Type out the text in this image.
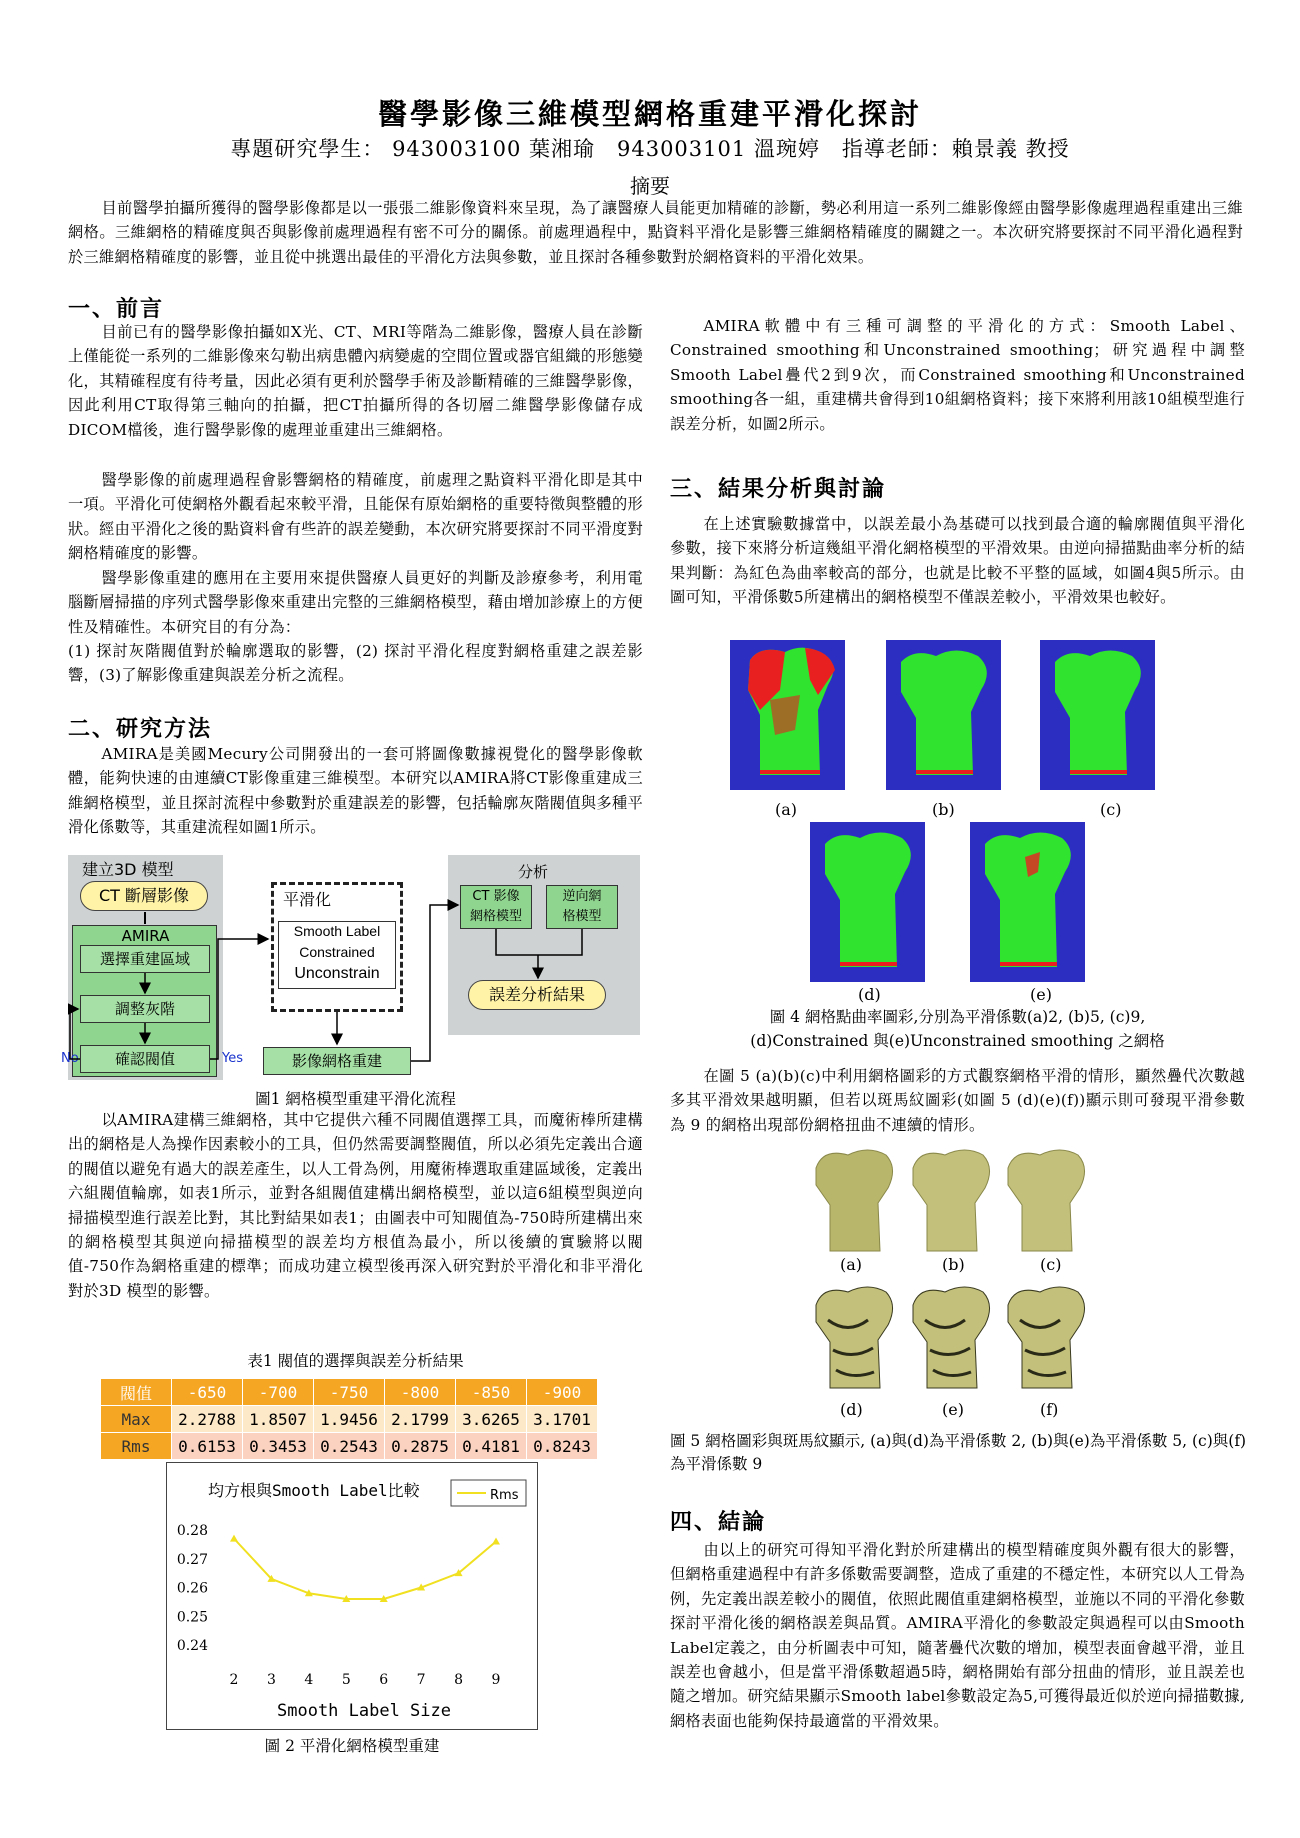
醫學影像三維模型網格重建平滑化探討
專題研究學生： 943003100 葉湘瑜　943003101 溫琬婷　指導老師：賴景義 教授
摘要

目前醫學拍攝所獲得的醫學影像都是以一張張二維影像資料來呈現，為了讓醫療人員能更加精確的診斷，勢必利用這一系列二維影像經由醫學影像處理過程重建出三維網格。三維網格的精確度與否與影像前處理過程有密不可分的關係。前處理過程中，點資料平滑化是影響三維網格精確度的關鍵之一。本次研究將要探討不同平滑化過程對於三維網格精確度的影響，並且從中挑選出最佳的平滑化方法與參數，並且探討各種參數對於網格資料的平滑化效果。

一、前言

目前已有的醫學影像拍攝如X光、CT、MRI等階為二維影像，醫療人員在診斷上僅能從一系列的二維影像來勾勒出病患體內病變處的空間位置或器官組織的形態變化，其精確程度有待考量，因此必須有更利於醫學手術及診斷精確的三維醫學影像，因此利用CT取得第三軸向的拍攝，把CT拍攝所得的各切層二維醫學影像儲存成DICOM檔後，進行醫學影像的處理並重建出三維網格。

醫學影像的前處理過程會影響網格的精確度，前處理之點資料平滑化即是其中一項。平滑化可使網格外觀看起來較平滑，且能保有原始網格的重要特徵與整體的形狀。經由平滑化之後的點資料會有些許的誤差變動，本次研究將要探討不同平滑度對網格精確度的影響。

醫學影像重建的應用在主要用來提供醫療人員更好的判斷及診療參考，利用電腦斷層掃描的序列式醫學影像來重建出完整的三維網格模型，藉由增加診療上的方便性及精確性。本研究目的有分為：

(1) 探討灰階閥值對於輪廓選取的影響，(2) 探討平滑化程度對網格重建之誤差影響，(3)了解影像重建與誤差分析之流程。

二、研究方法

AMIRA是美國Mecury公司開發出的一套可將圖像數據視覺化的醫學影像軟體，能夠快速的由連續CT影像重建三維模型。本研究以AMIRA將CT影像重建成三維網格模型，並且探討流程中參數對於重建誤差的影響，包括輪廓灰階閥值與多種平滑化係數等，其重建流程如圖1所示。

建立3D 模型
CT 斷層影像
AMIRA
選擇重建區域
調整灰階
確認閥值
No	Yes
平滑化
Smooth Label
Constrained
Unconstrain
影像網格重建
分析
CT 影像網格模型
逆向網格模型
誤差分析結果
圖1 網格模型重建平滑化流程

以AMIRA建構三維網格，其中它提供六種不同閥值選擇工具，而魔術棒所建構出的網格是人為操作因素較小的工具，但仍然需要調整閥值，所以必須先定義出合適的閥值以避免有過大的誤差產生，以人工骨為例，用魔術棒選取重建區域後，定義出六組閥值輪廓，如表1所示，並對各組閥值建構出網格模型，並以這6組模型與逆向掃描模型進行誤差比對，其比對結果如表1；由圖表中可知閥值為-750時所建構出來的網格模型其與逆向掃描模型的誤差均方根值為最小，所以後續的實驗將以閥值-750作為網格重建的標準；而成功建立模型後再深入研究對於平滑化和非平滑化對於3D 模型的影響。

表1 閥值的選擇與誤差分析結果
閥值	-650	-700	-750	-800	-850	-900
Max	2.2788	1.8507	1.9456	2.1799	3.6265	3.1701
Rms	0.6153	0.3453	0.2543	0.2875	0.4181	0.8243
均方根與Smooth Label比較	Rms
0.28
0.27
0.26
0.25
0.24
2 3 4 5 6 7 8 9
Smooth Label Size
圖 2 平滑化網格模型重建

AMIRA軟體中有三種可調整的平滑化的方式：Smooth Label、Constrained smoothing和Unconstrained smoothing；研究過程中調整Smooth Label疊代2到9次，而Constrained smoothing和Unconstrained smoothing各一組，重建構共會得到10組網格資料；接下來將利用該10組模型進行誤差分析，如圖2所示。

三、結果分析與討論

在上述實驗數據當中，以誤差最小為基礎可以找到最合適的輪廓閥值與平滑化參數，接下來將分析這幾組平滑化網格模型的平滑效果。由逆向掃描點曲率分析的結果判斷：為紅色為曲率較高的部分，也就是比較不平整的區域，如圖4與5所示。由圖可知，平滑係數5所建構出的網格模型不僅誤差較小，平滑效果也較好。

(a)	(b)	(c)
(d)	(e)
圖 4 網格點曲率圖彩,分別為平滑係數(a)2, (b)5, (c)9,
(d)Constrained 與(e)Unconstrained smoothing 之網格

在圖 5 (a)(b)(c)中利用網格圖彩的方式觀察網格平滑的情形，顯然疊代次數越多其平滑效果越明顯，但若以斑馬紋圖彩(如圖 5 (d)(e)(f))顯示則可發現平滑參數為 9 的網格出現部份網格扭曲不連續的情形。

(a)	(b)	(c)
(d)	(e)	(f)
圖 5 網格圖彩與斑馬紋顯示, (a)與(d)為平滑係數 2, (b)與(e)為平滑係數 5, (c)與(f)為平滑係數 9
四、結論

由以上的研究可得知平滑化對於所建構出的模型精確度與外觀有很大的影響，但網格重建過程中有許多係數需要調整，造成了重建的不穩定性，本研究以人工骨為例，先定義出誤差較小的閥值，依照此閥值重建網格模型，並施以不同的平滑化參數探討平滑化後的網格誤差與品質。AMIRA平滑化的參數設定與過程可以由Smooth Label定義之，由分析圖表中可知，隨著疊代次數的增加，模型表面會越平滑，並且誤差也會越小，但是當平滑係數超過5時，網格開始有部分扭曲的情形，並且誤差也隨之增加。研究結果顯示Smooth label參數設定為5,可獲得最近似於逆向掃描數據,網格表面也能夠保持最適當的平滑效果。
